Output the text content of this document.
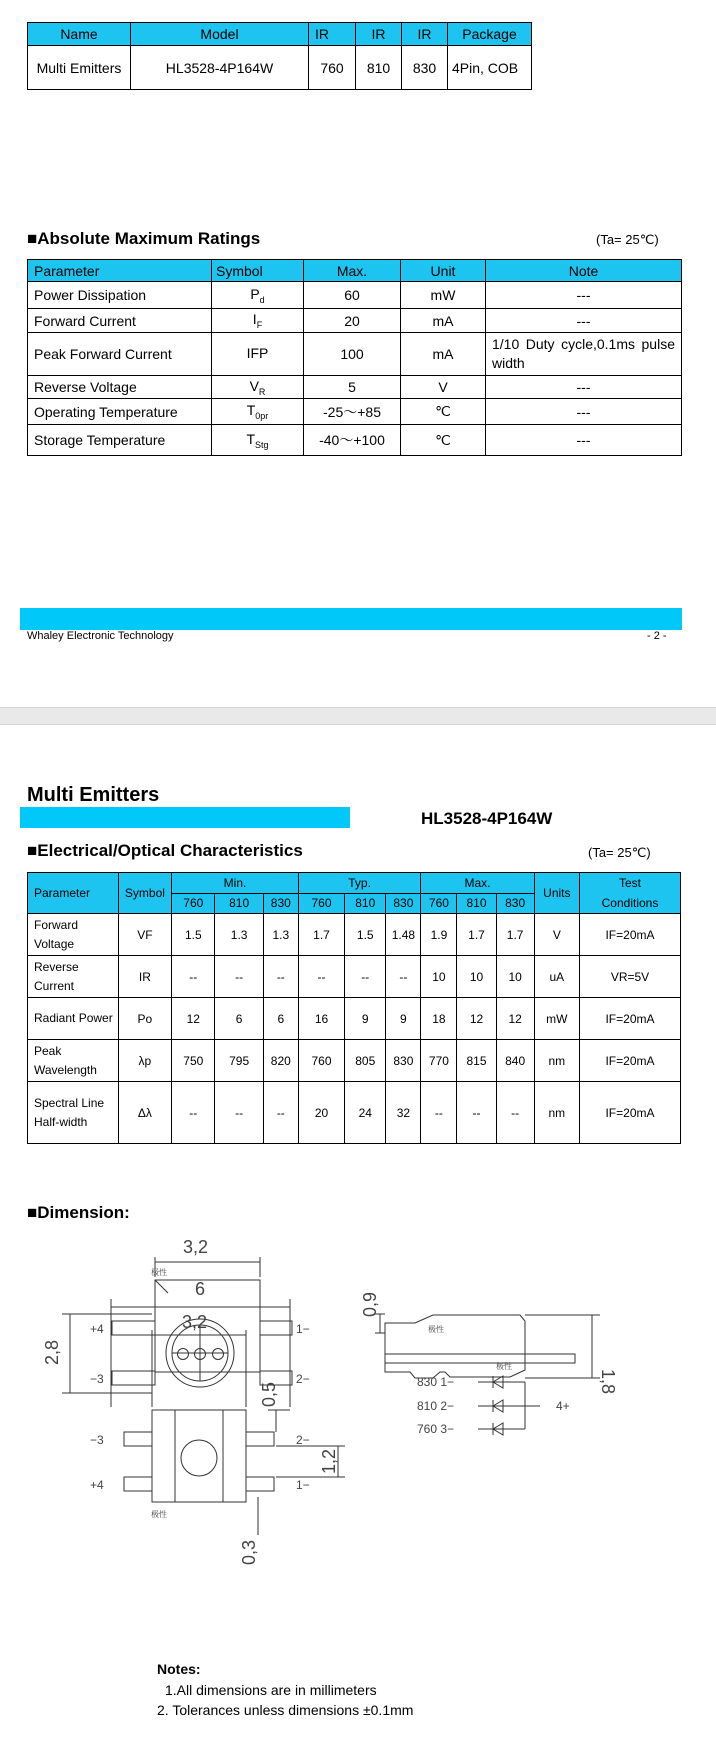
Name	Model	IR	IR	IR	Package
Multi Emitters	HL3528-4P164W	760	810	830	4Pin, COB
■Absolute Maximum Ratings	(Ta= 25℃)
Parameter	Symbol	Max.	Unit	Note
Power Dissipation	$P_d$	60	mW	---
Forward Current	$I_F$	20	mA	---
Peak Forward Current	IFP	100	mA	1/10 Duty cycle,0.1ms pulse width
Reverse Voltage	$V_R$	5	V	---
Operating Temperature	$T_{0pr}$	-25～+85	℃	---
Storage Temperature	$T_{Stg}$	-40～+100	℃	---
Whaley Electronic Technology	- 2 -
Multi Emitters
HL3528-4P164W
■Electrical/Optical Characteristics	(Ta= 25℃)
Parameter	Symbol	Min.			Typ.			Max.			Units	Test Conditions
		760	810	830	760	810	830	760	810	830		
Forward Voltage	VF	1.5	1.3	1.3	1.7	1.5	1.48	1.9	1.7	1.7	V	IF=20mA
Reverse Current	IR	--	--	--	--	--	--	10	10	10	uA	VR=5V
Radiant Power	Po	12	6	6	16	9	9	18	12	12	mW	IF=20mA
Peak Wavelength	λp	750	795	820	760	805	830	770	815	840	nm	IF=20mA
Spectral Line Half-width	Δλ	--	--	--	20	24	32	--	--	--	nm	IF=20mA
■Dimension:
3,2
2,8
0,9
1,8
6
3,2
0,5
1,2
0,3
+4
−3
1−
2−
−3
+4
2−
1−
830 1−
810 2−
760 3−
4+
极性
极性
极性
极性
Notes:
1.All dimensions are in millimeters
2. Tolerances unless dimensions ±0.1mm
